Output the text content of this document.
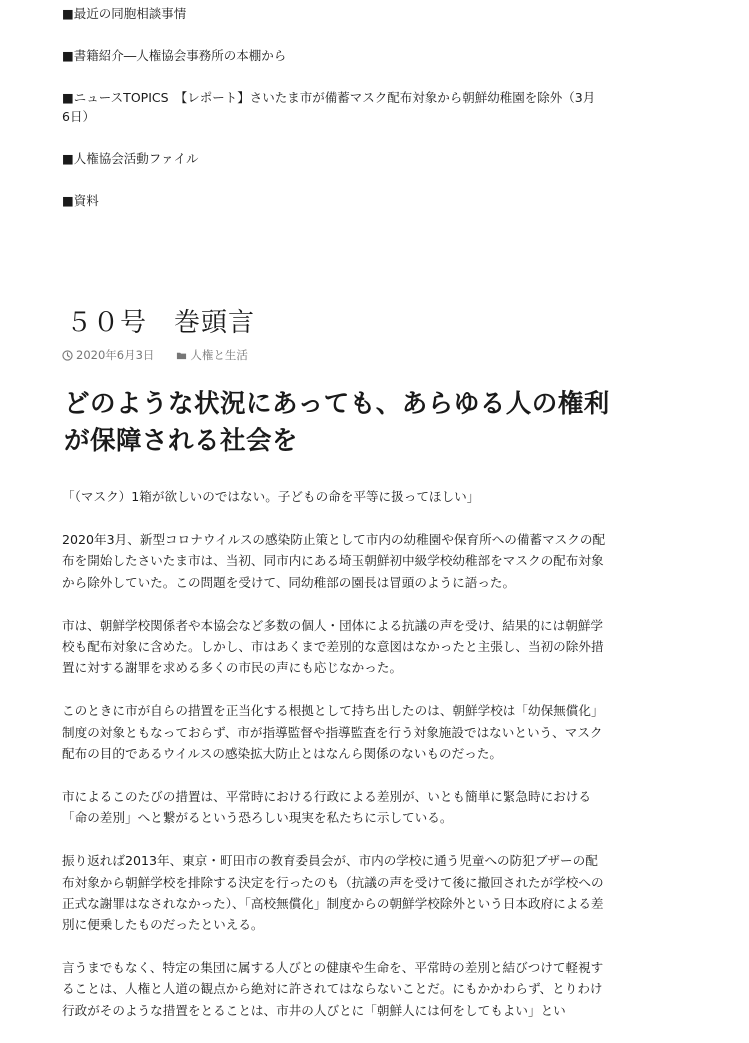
■最近の同胞相談事情
■書籍紹介―人権協会事務所の本棚から
■ニュースTOPICS　【レポート】さいたま市が備蓄マスク配布対象から朝鮮幼稚園を除外（3月6日）
■人権協会活動ファイル
■資料
５０号　巻頭言
2020年6月3日	人権と生活
どのような状況にあっても、あらゆる人の権利が保障される社会を

「（マスク）1箱が欲しいのではない。子どもの命を平等に扱ってほしい」

2020年3月、新型コロナウイルスの感染防止策として市内の幼稚園や保育所への備蓄マスクの配布を開始したさいたま市は、当初、同市内にある埼玉朝鮮初中級学校幼稚部をマスクの配布対象から除外していた。この問題を受けて、同幼稚部の園長は冒頭のように語った。

市は、朝鮮学校関係者や本協会など多数の個人・団体による抗議の声を受け、結果的には朝鮮学校も配布対象に含めた。しかし、市はあくまで差別的な意図はなかったと主張し、当初の除外措置に対する謝罪を求める多くの市民の声にも応じなかった。

このときに市が自らの措置を正当化する根拠として持ち出したのは、朝鮮学校は「幼保無償化」制度の対象ともなっておらず、市が指導監督や指導監査を行う対象施設ではないという、マスク配布の目的であるウイルスの感染拡大防止とはなんら関係のないものだった。

市によるこのたびの措置は、平常時における行政による差別が、いとも簡単に緊急時における「命の差別」へと繋がるという恐ろしい現実を私たちに示している。

振り返れば2013年、東京・町田市の教育委員会が、市内の学校に通う児童への防犯ブザーの配布対象から朝鮮学校を排除する決定を行ったのも（抗議の声を受けて後に撤回されたが学校への正式な謝罪はなされなかった）、「高校無償化」制度からの朝鮮学校除外という日本政府による差別に便乗したものだったといえる。

言うまでもなく、特定の集団に属する人びとの健康や生命を、平常時の差別と結びつけて軽視することは、人権と人道の観点から絶対に許されてはならないことだ。にもかかわらず、とりわけ行政がそのような措置をとることは、市井の人びとに「朝鮮人には何をしてもよい」とい
